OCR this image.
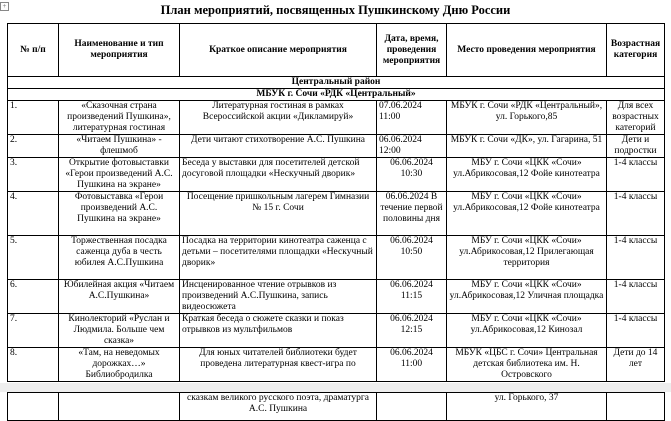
+	План мероприятий, посвященных Пушкинскому Дню России
№ п/п	Наименование и тип мероприятия	Краткое описание мероприятия	Дата, время, проведения мероприятия	Место проведения мероприятия	Возрастная категория
Центральный район					
МБУК г. Сочи «РДК «Центральный»					
1.	«Сказочная страна произведений Пушкина», литературная гостиная	Литературная гостиная в рамках Всероссийской акции «Дикламируй»	07.06.2024 11:00	МБУК г. Сочи «РДК «Центральный», ул. Горького,85	Для всех возрастных категорий
2.	«Читаем Пушкина» - флешмоб	Дети читают стихотворение А.С. Пушкина	06.06.2024 12:00	МБУК г. Сочи «ДК», ул. Гагарина, 51	Дети и подростки
3.	Открытие фотовыставки «Герои произведений А.С. Пушкина на экране»	Беседа у выставки для посетителей детской досуговой площадки «Нескучный дворик»	06.06.2024 10:30	МБУ г. Сочи «ЦКК «Сочи» ул.Абрикосовая,12 Фойе кинотеатра	1-4 классы
4.	Фотовыставка «Герои произведений А.С. Пушкина на экране»	Посещение пришкольным лагерем Гимназии № 15 г. Сочи	06.06.2024 В течение первой половины дня	МБУ г. Сочи «ЦКК «Сочи» ул.Абрикосовая,12 Фойе кинотеатра	1-4 классы
5.	Торжественная посадка саженца дуба в честь юбилея А.С.Пушкина	Посадка на территории кинотеатра саженца с детьми – посетителями площадки «Нескучный дворик»	06.06.2024 10:50	МБУ г. Сочи «ЦКК «Сочи» ул.Абрикосовая,12 Прилегающая территория	1-4 классы
6.	Юбилейная акция «Читаем А.С.Пушкина»	Инсценированное чтение отрывков из произведений А.С.Пушкина, запись видеосюжета	06.06.2024 11:15	МБУ г. Сочи «ЦКК «Сочи» ул.Абрикосовая,12 Уличная площадка	1-4 классы
7.	Кинолекторий «Руслан и Людмила. Больше чем сказка»	Краткая беседа о сюжете сказки и показ отрывков из мультфильмов	06.06.2024 12:15	МБУ г. Сочи «ЦКК «Сочи» ул.Абрикосовая,12 Кинозал	1-4 классы
8.	«Там, на неведомых дорожках…» Библиобродилка	Для юных читателей библиотеки будет проведена литературная квест-игра по	06.06.2024 11:00	МБУК «ЦБС г. Сочи» Центральная детская библиотека им. Н. Островского	Дети до 14 лет
		сказкам великого русского поэта, драматурга А.С. Пушкина		ул. Горького, 37	
